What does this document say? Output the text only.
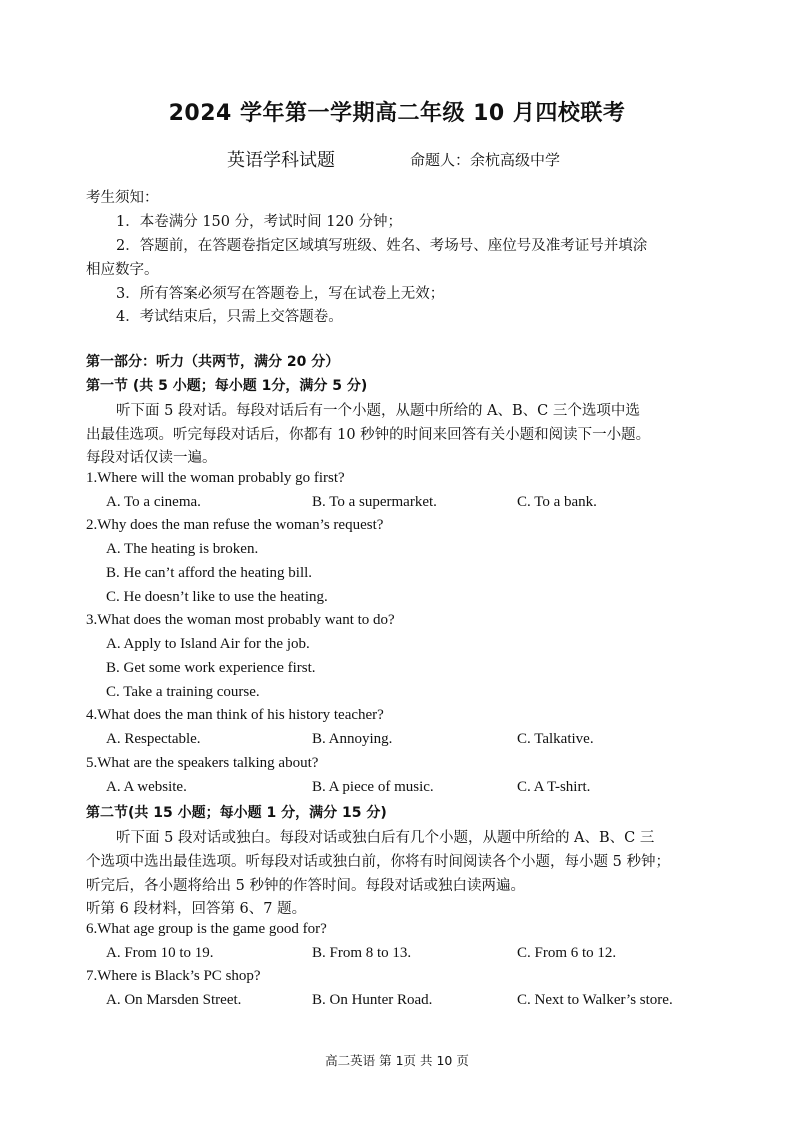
2024 学年第一学期高二年级 10 月四校联考
英语学科试题	命题人：余杭高级中学
考生须知：
1．本卷满分 150 分，考试时间 120 分钟；
2．答题前，在答题卷指定区域填写班级、姓名、考场号、座位号及准考证号并填涂
相应数字。
3．所有答案必须写在答题卷上，写在试卷上无效；
4．考试结束后，只需上交答题卷。
第一部分：听力（共两节，满分 20 分）
第一节 (共 5 小题；每小题 1分，满分 5 分)
听下面 5 段对话。每段对话后有一个小题，从题中所给的 A、B、C 三个选项中选
出最佳选项。听完每段对话后，你都有 10 秒钟的时间来回答有关小题和阅读下一小题。
每段对话仅读一遍。
1.Where will the woman probably go first?
A. To a cinema.	B. To a supermarket.	C. To a bank.
2.Why does the man refuse the woman’s request?
A. The heating is broken.
B. He can’t afford the heating bill.
C. He doesn’t like to use the heating.
3.What does the woman most probably want to do?
A. Apply to Island Air for the job.
B. Get some work experience first.
C. Take a training course.
4.What does the man think of his history teacher?
A. Respectable.	B. Annoying.	C. Talkative.
5.What are the speakers talking about?
A. A website.	B. A piece of music.	C. A T-shirt.
第二节(共 15 小题；每小题 1 分，满分 15 分)
听下面 5 段对话或独白。每段对话或独白后有几个小题，从题中所给的 A、B、C 三
个选项中选出最佳选项。听每段对话或独白前，你将有时间阅读各个小题，每小题 5 秒钟；
听完后，各小题将给出 5 秒钟的作答时间。每段对话或独白读两遍。
听第 6 段材料，回答第 6、7 题。
6.What age group is the game good for?
A. From 10 to 19.	B. From 8 to 13.	C. From 6 to 12.
7.Where is Black’s PC shop?
A. On Marsden Street.	B. On Hunter Road.	C. Next to Walker’s store.
高二英语 第 1页 共 10 页
